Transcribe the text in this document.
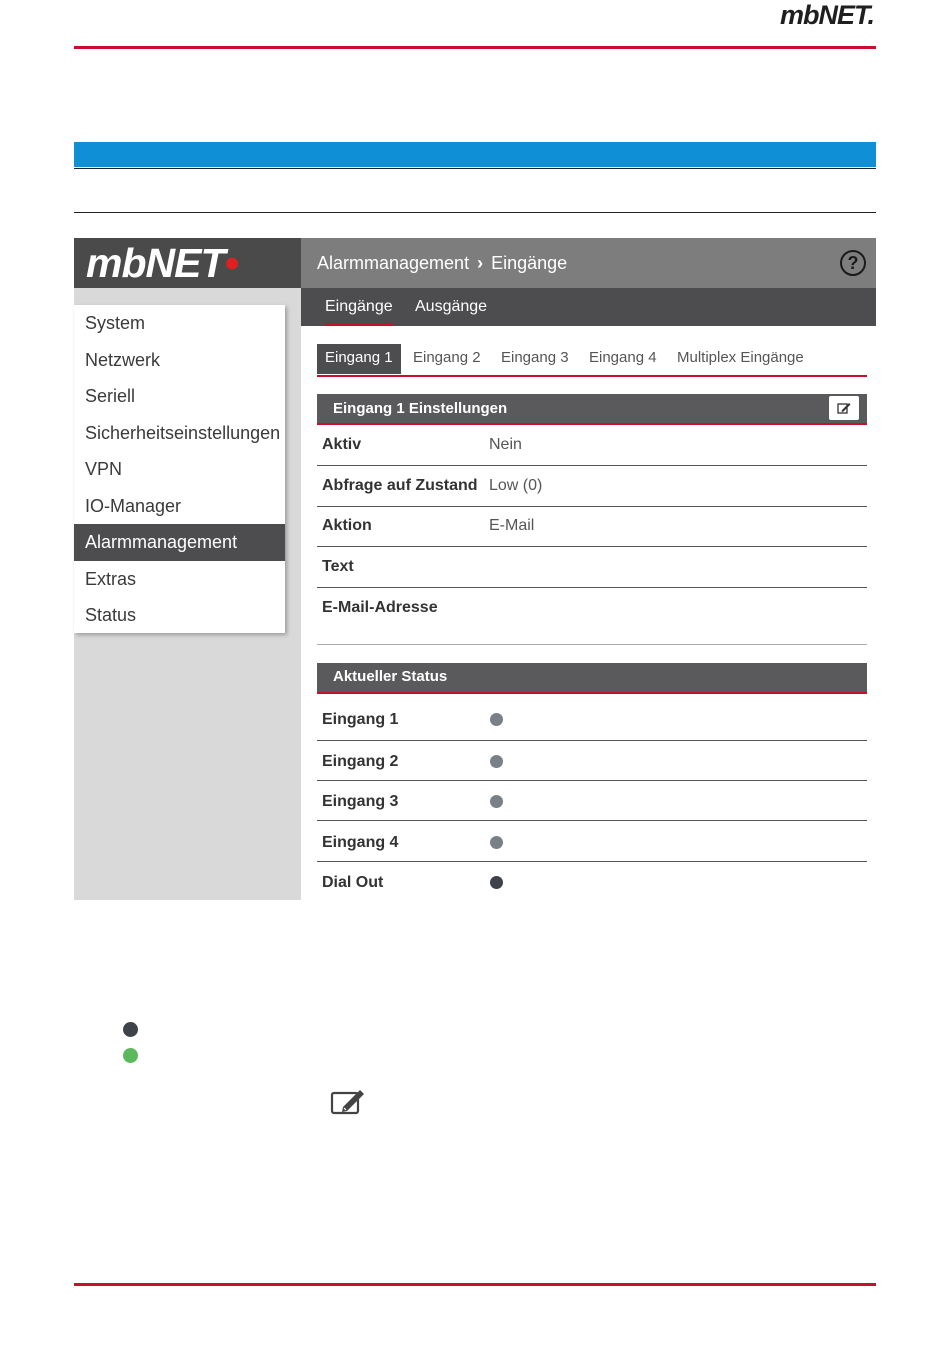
mbNET.
mbNET•
System
Netzwerk
Seriell
Sicherheitseinstellungen
VPN
IO-Manager
Alarmmanagement
Extras
Status
Alarmmanagement › Eingänge	?
Eingänge Ausgänge
Eingang 1	Eingang 2 Eingang 3 Eingang 4 Multiplex Eingänge
Eingang 1 Einstellungen
Aktiv	Nein
Abfrage auf Zustand Low (0)
Aktion	E-Mail
Text
E-Mail-Adresse
Aktueller Status
Eingang 1
Eingang 2
Eingang 3
Eingang 4
Dial Out
